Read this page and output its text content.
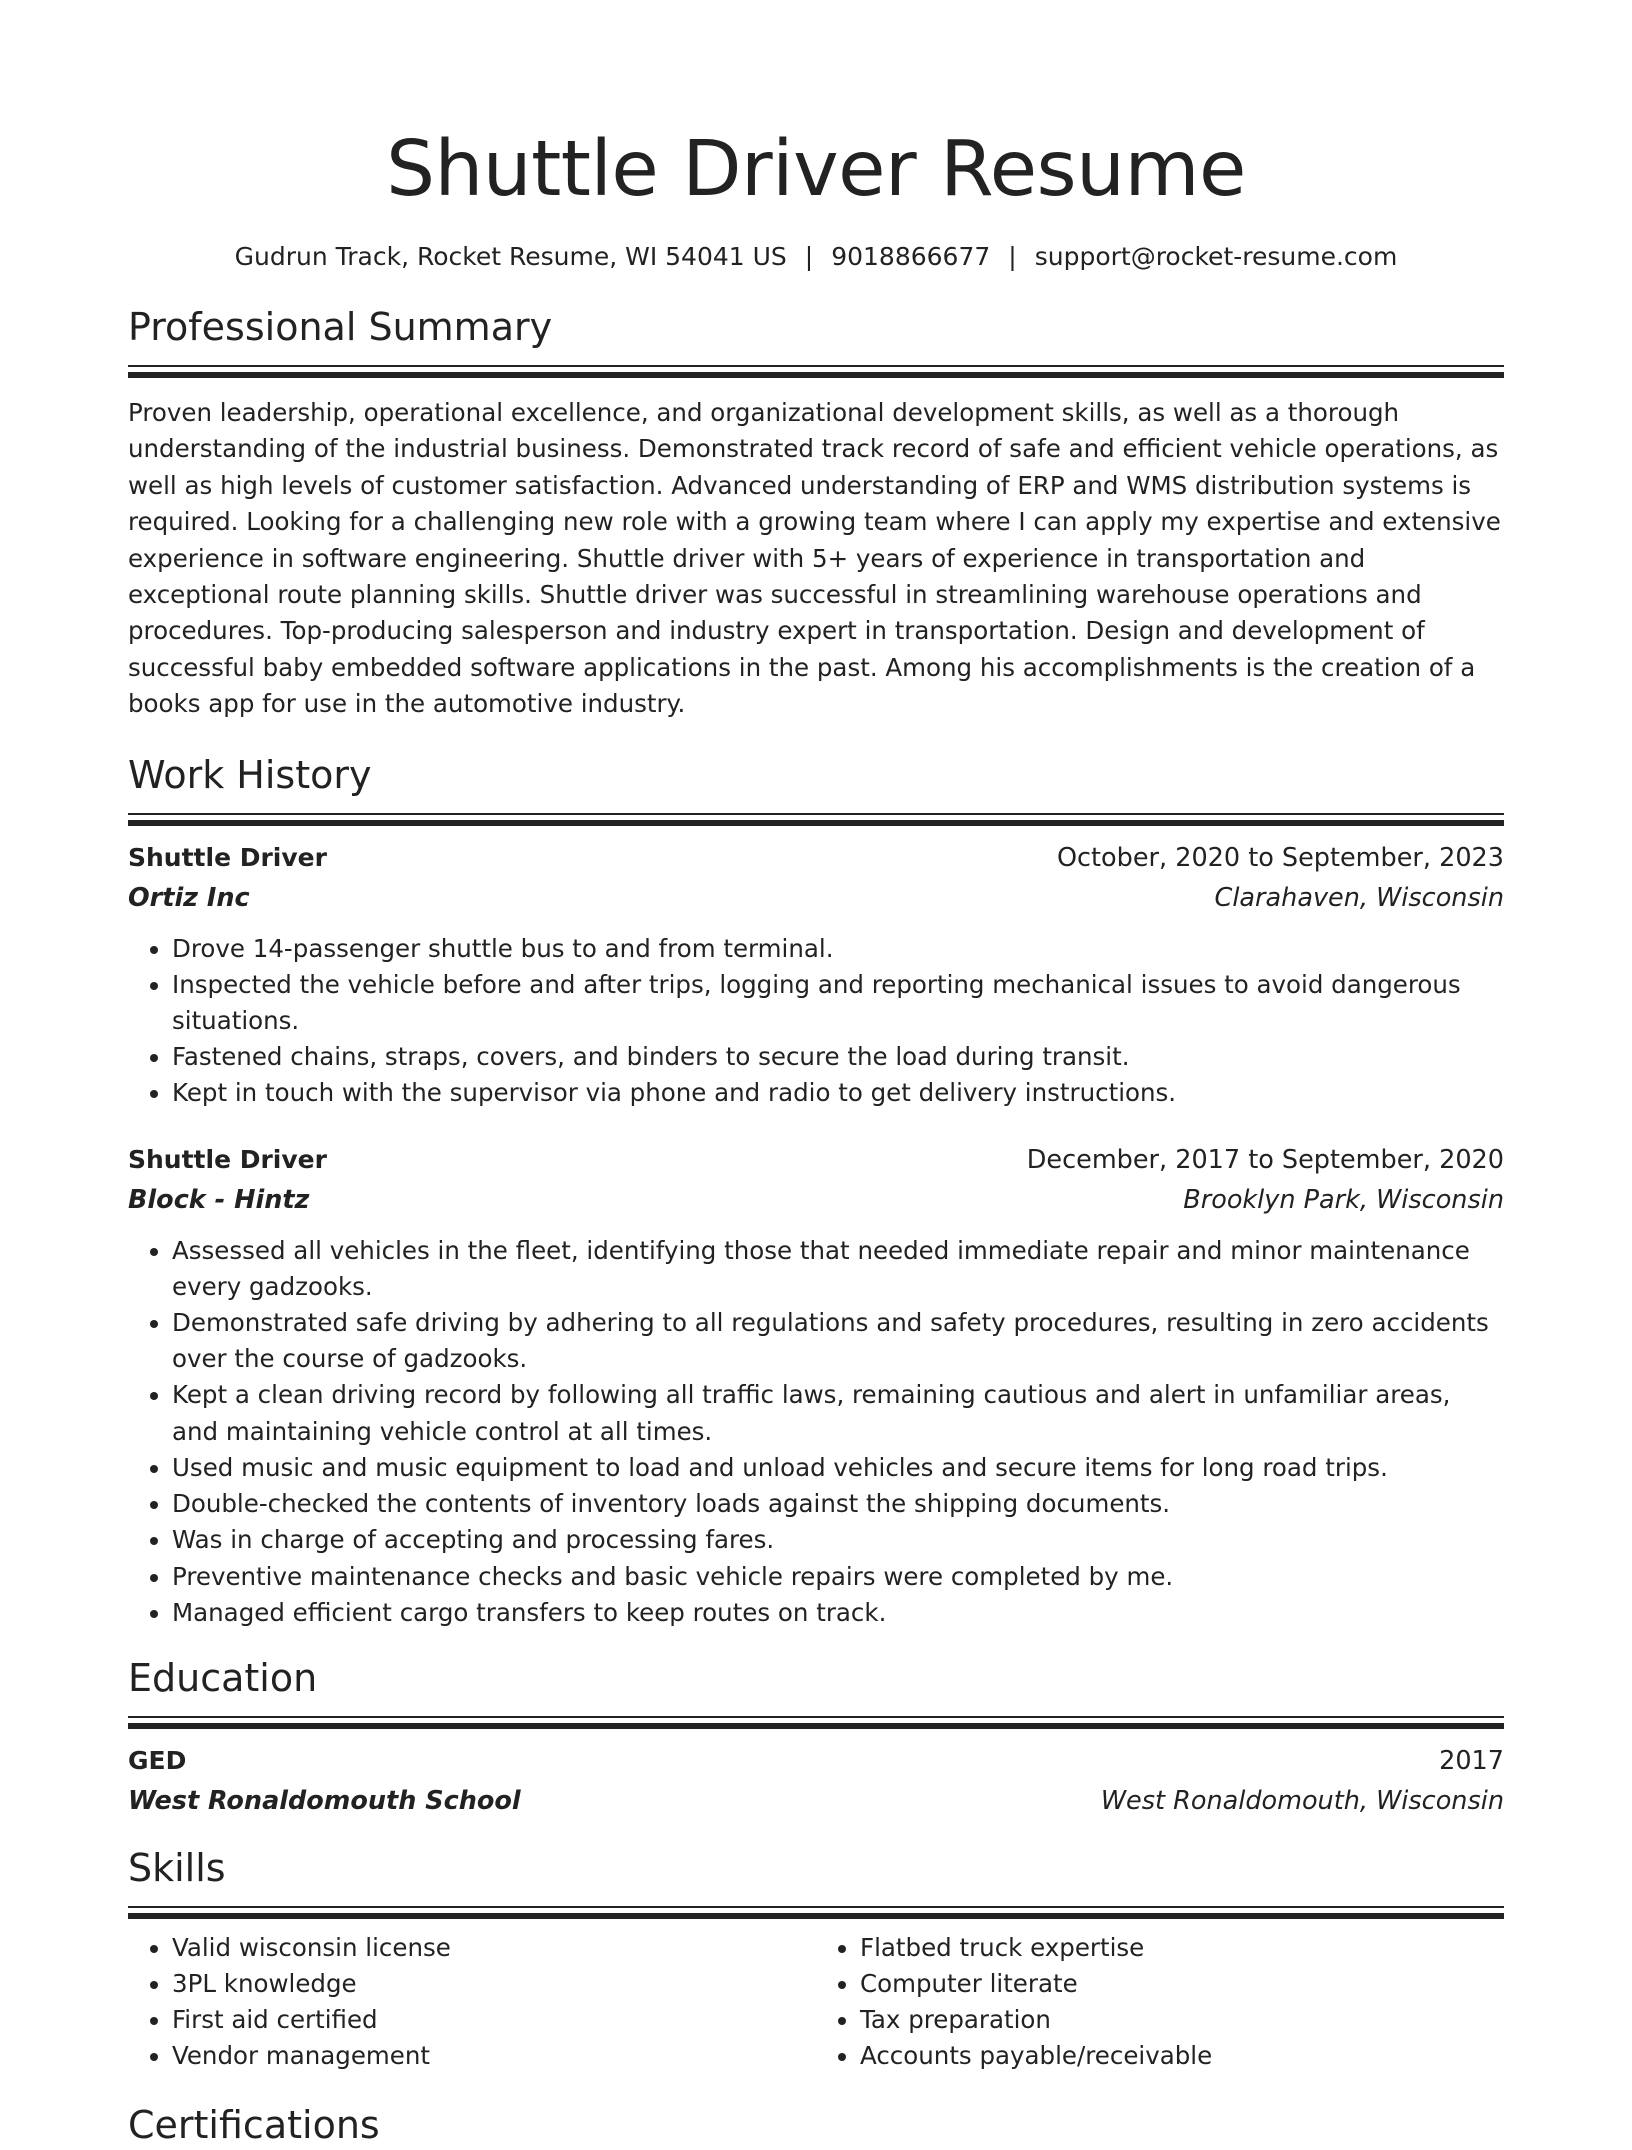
Shuttle Driver Resume
Gudrun Track, Rocket Resume, WI 54041 US | 9018866677 | support@rocket-resume.com
Professional Summary

Proven leadership, operational excellence, and organizational development skills, as well as a thorough understanding of the industrial business. Demonstrated track record of safe and efficient vehicle operations, as well as high levels of customer satisfaction. Advanced understanding of ERP and WMS distribution systems is required. Looking for a challenging new role with a growing team where I can apply my expertise and extensive experience in software engineering. Shuttle driver with 5+ years of experience in transportation and exceptional route planning skills. Shuttle driver was successful in streamlining warehouse operations and procedures. Top-producing salesperson and industry expert in transportation. Design and development of successful baby embedded software applications in the past. Among his accomplishments is the creation of a books app for use in the automotive industry.

Work History
Shuttle Driver	October, 2020 to September, 2023
Ortiz Inc	Clarahaven, Wisconsin
• Drove 14-passenger shuttle bus to and from terminal.
• Inspected the vehicle before and after trips, logging and reporting mechanical issues to avoid dangerous situations.
• Fastened chains, straps, covers, and binders to secure the load during transit.
• Kept in touch with the supervisor via phone and radio to get delivery instructions.
Shuttle Driver	December, 2017 to September, 2020
Block - Hintz	Brooklyn Park, Wisconsin
• Assessed all vehicles in the fleet, identifying those that needed immediate repair and minor maintenance every gadzooks.
• Demonstrated safe driving by adhering to all regulations and safety procedures, resulting in zero accidents over the course of gadzooks.
• Kept a clean driving record by following all traffic laws, remaining cautious and alert in unfamiliar areas, and maintaining vehicle control at all times.
• Used music and music equipment to load and unload vehicles and secure items for long road trips.
• Double-checked the contents of inventory loads against the shipping documents.
• Was in charge of accepting and processing fares.
• Preventive maintenance checks and basic vehicle repairs were completed by me.
• Managed efficient cargo transfers to keep routes on track.
Education
GED	2017
West Ronaldomouth School	West Ronaldomouth, Wisconsin
Skills
• Valid wisconsin license
• 3PL knowledge
• First aid certified
• Vendor management
• Flatbed truck expertise
• Computer literate
• Tax preparation
• Accounts payable/receivable
Certifications
